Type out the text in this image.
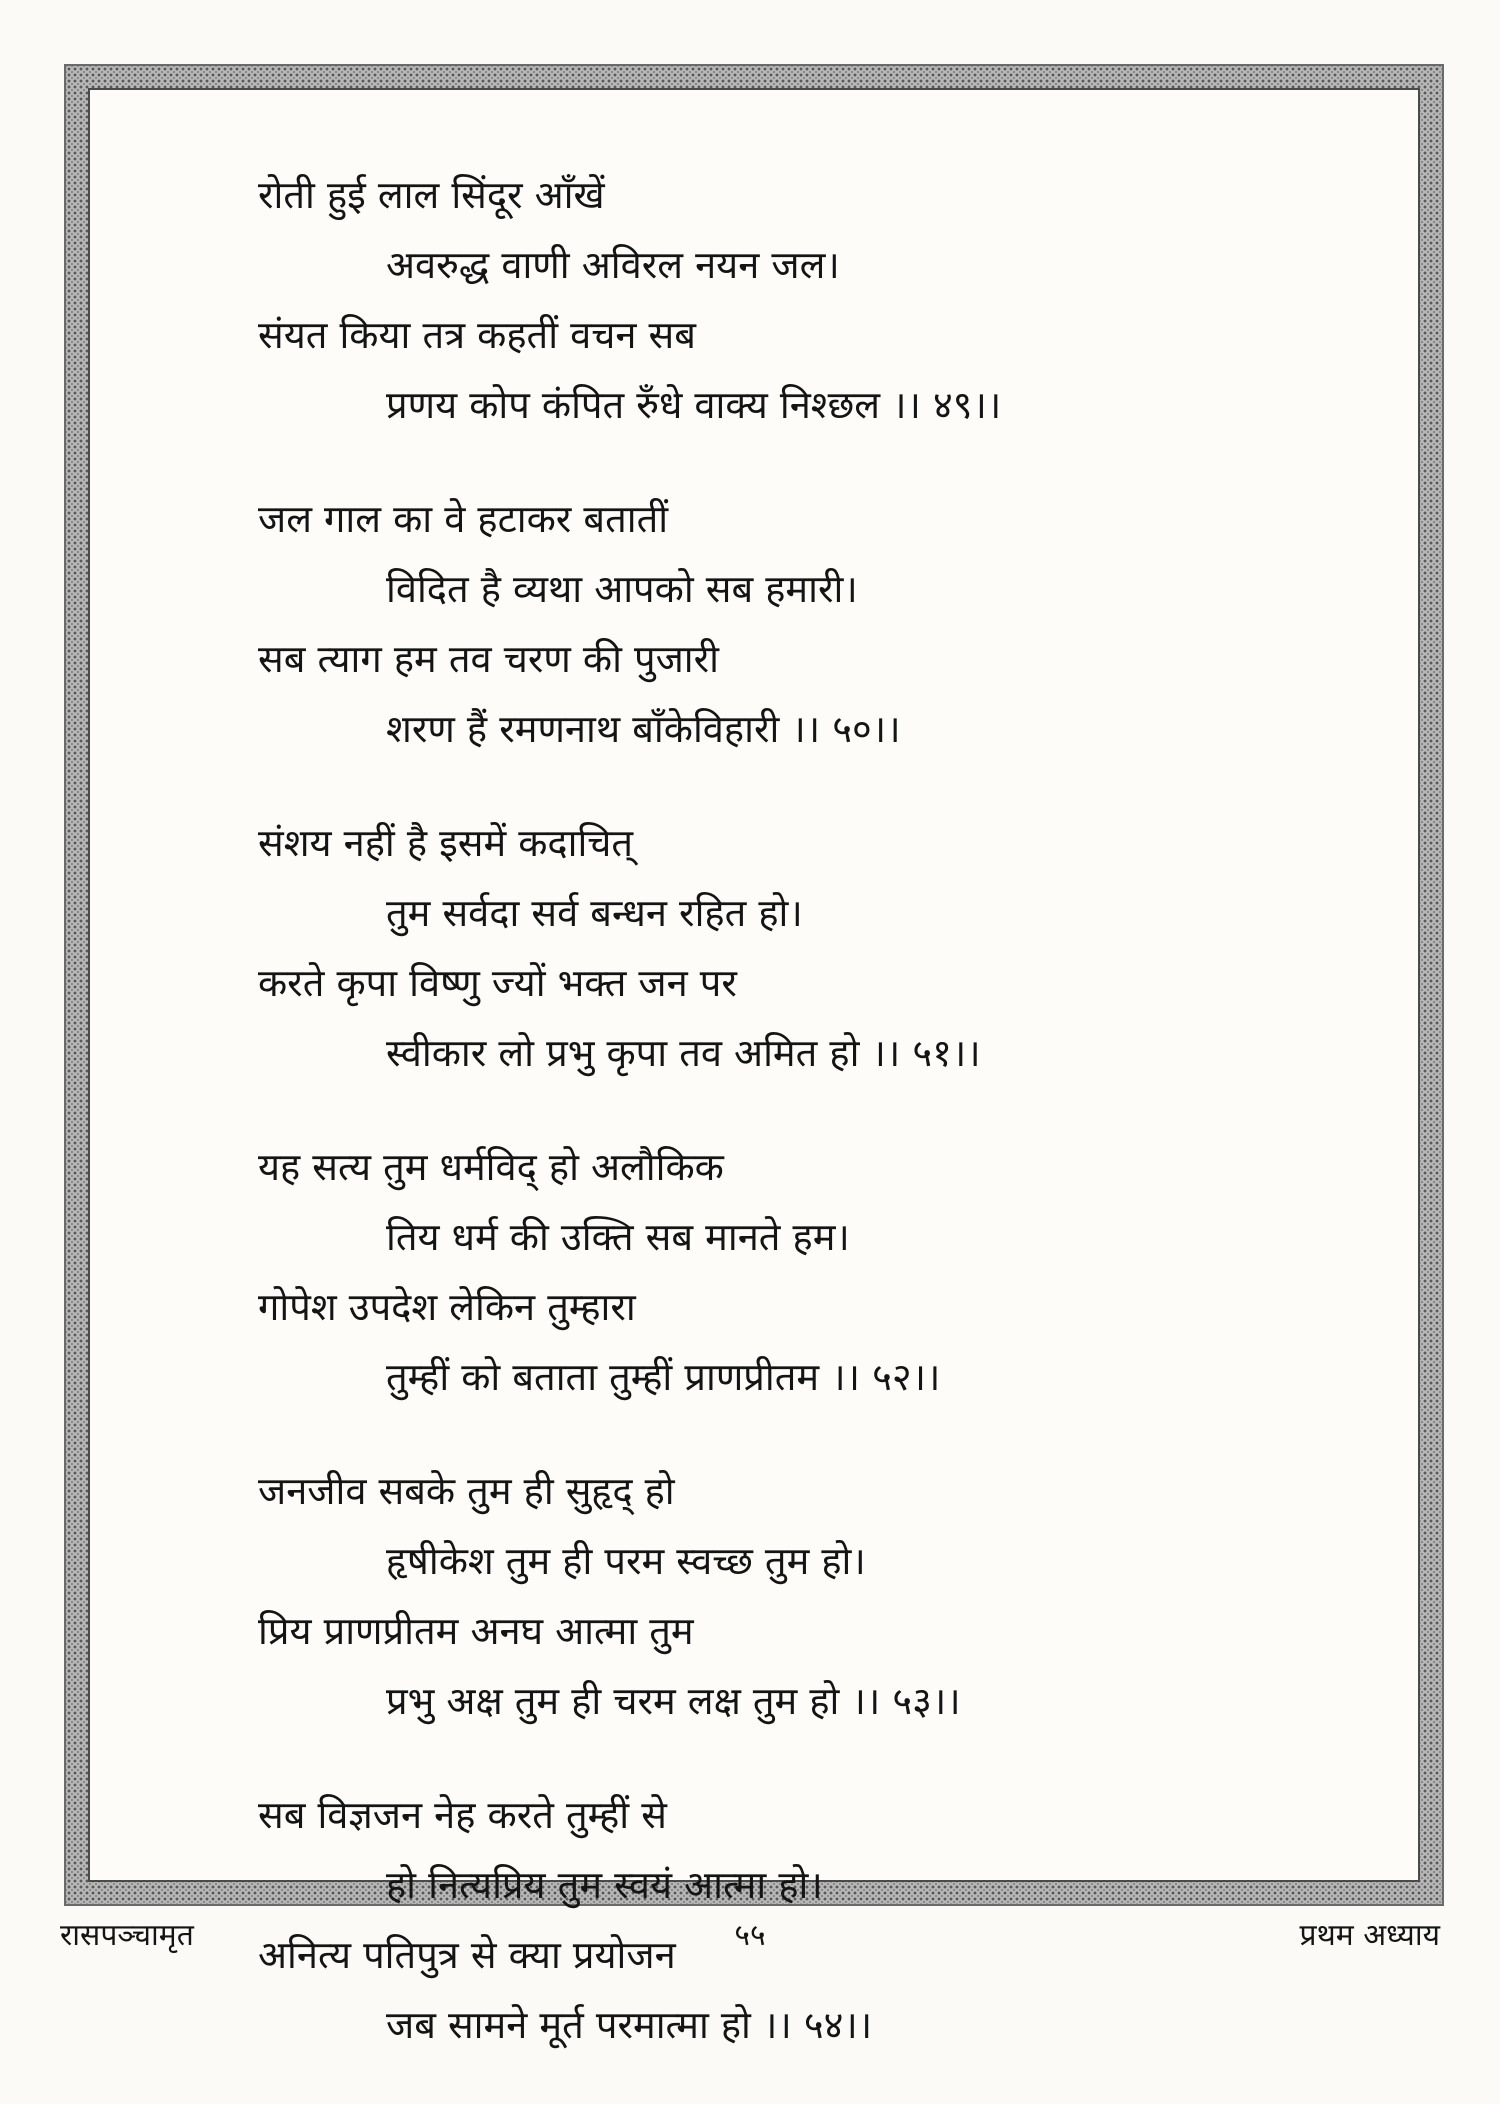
रोती हुई लाल सिंदूर आँखें
अवरुद्ध वाणी अविरल नयन जल।
संयत किया तत्र कहतीं वचन सब
प्रणय कोप कंपित रुँधे वाक्य निश्छल ।। ४९।।
जल गाल का वे हटाकर बतातीं
विदित है व्यथा आपको सब हमारी।
सब त्याग हम तव चरण की पुजारी
शरण हैं रमणनाथ बाँकेविहारी ।। ५०।।
संशय नहीं है इसमें कदाचित्
तुम सर्वदा सर्व बन्धन रहित हो।
करते कृपा विष्णु ज्यों भक्त जन पर
स्वीकार लो प्रभु कृपा तव अमित हो ।। ५१।।
यह सत्य तुम धर्मविद् हो अलौकिक
तिय धर्म की उक्ति सब मानते हम।
गोपेश उपदेश लेकिन तुम्हारा
तुम्हीं को बताता तुम्हीं प्राणप्रीतम ।। ५२।।
जनजीव सबके तुम ही सुहृद् हो
हृषीकेश तुम ही परम स्वच्छ तुम हो।
प्रिय प्राणप्रीतम अनघ आत्मा तुम
प्रभु अक्ष तुम ही चरम लक्ष तुम हो ।। ५३।।
सब विज्ञजन नेह करते तुम्हीं से
हो नित्यप्रिय तुम स्वयं आत्मा हो।
अनित्य पतिपुत्र से क्या प्रयोजन
जब सामने मूर्त परमात्मा हो ।। ५४।।
रासपञ्चामृत	५५	प्रथम अध्याय
